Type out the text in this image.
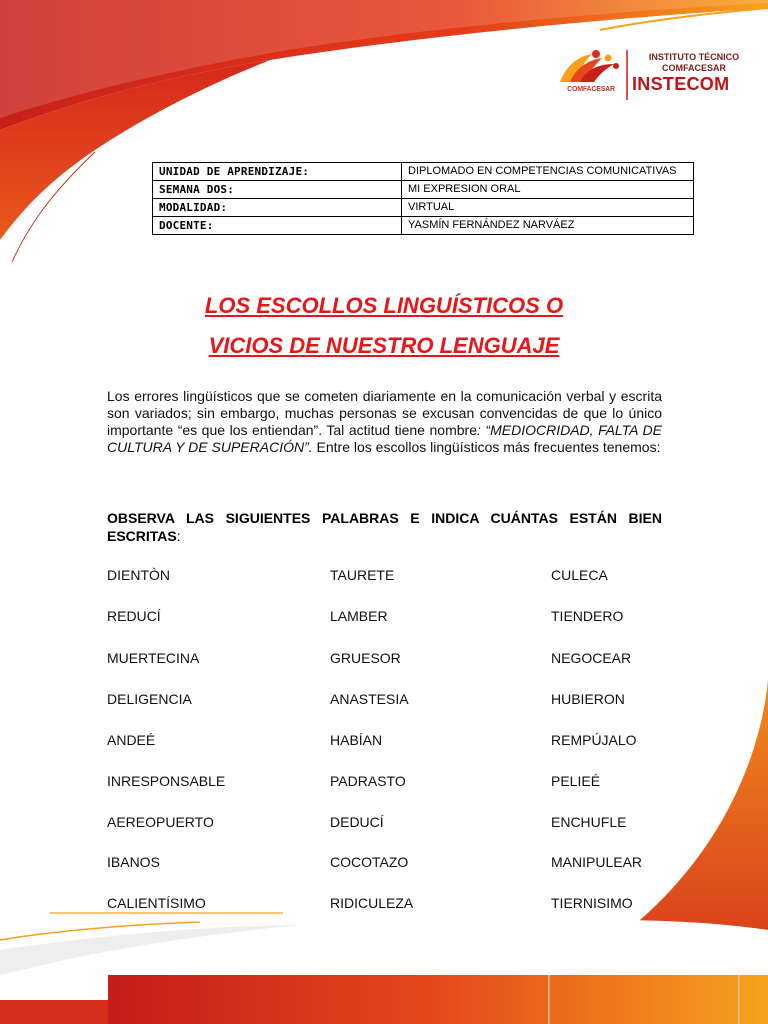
COMFACESAR
INSTITUTO TÉCNICO
COMFACESAR
INSTECOM
UNIDAD DE APRENDIZAJE:	DIPLOMADO EN COMPETENCIAS COMUNICATIVAS
SEMANA DOS:	MI EXPRESION ORAL
MODALIDAD:	VIRTUAL
DOCENTE:	YASMÍN FERNÁNDEZ NARVÁEZ
LOS ESCOLLOS LINGUÍSTICOS O
VICIOS DE NUESTRO LENGUAJE
Los errores lingüísticos que se cometen diariamente en la comunicación verbal y escrita son variados; sin embargo, muchas personas se excusan convencidas de que lo único importante “es que los entiendan”. Tal actitud tiene nombre: “MEDIOCRIDAD, FALTA DE CULTURA Y DE SUPERACIÓN”. Entre los escollos lingüísticos más frecuentes tenemos:
OBSERVA LAS SIGUIENTES PALABRAS E INDICA CUÁNTAS ESTÁN BIEN ESCRITAS:
DIENTÒN	TAURETE	CULECA
REDUCÍ	LAMBER	TIENDERO
MUERTECINA	GRUESOR	NEGOCEAR
DELIGENCIA	ANASTESIA	HUBIERON
ANDEÉ	HABÍAN	REMPÚJALO
INRESPONSABLE	PADRASTO	PELIEÉ
AEREOPUERTO	DEDUCÍ	ENCHUFLE
IBANOS	COCOTAZO	MANIPULEAR
CALIENTÍSIMO	RIDICULEZA	TIERNISIMO
